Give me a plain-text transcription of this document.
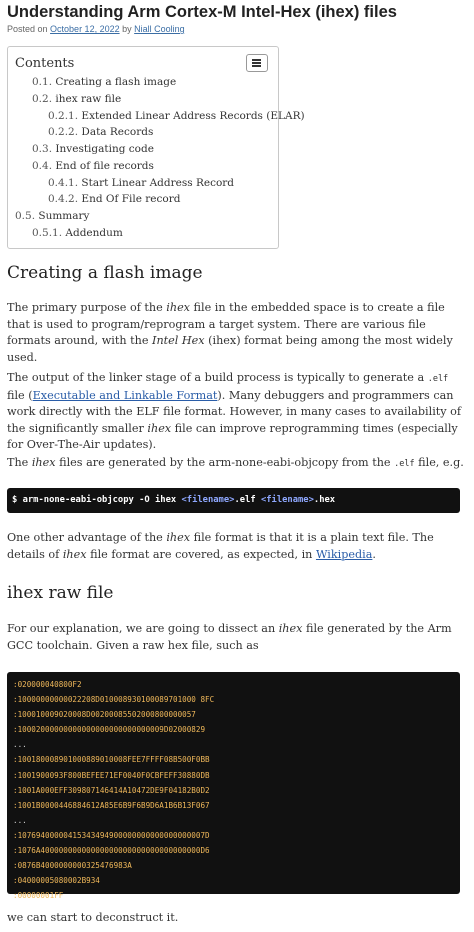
Understanding Arm Cortex-M Intel-Hex (ihex) files
Posted on October 12, 2022 by Niall Cooling
Contents
0.1. Creating a flash image
0.2. ihex raw file
0.2.1. Extended Linear Address Records (ELAR)
0.2.2. Data Records
0.3. Investigating code
0.4. End of file records
0.4.1. Start Linear Address Record
0.4.2. End Of File record
0.5. Summary
0.5.1. Addendum
Creating a flash image
The primary purpose of the ihex file in the embedded space is to create a file that is used to program/reprogram a target system. There are various file formats around, with the Intel Hex (ihex) format being among the most widely used.
The output of the linker stage of a build process is typically to generate a .elf file (Executable and Linkable Format). Many debuggers and programmers can work directly with the ELF file format. However, in many cases to availability of the significantly smaller ihex file can improve reprogramming times (especially for Over-The-Air updates).
The ihex files are generated by the arm-none-eabi-objcopy from the .elf file, e.g.
$ arm-none-eabi-objcopy -O ihex <filename>.elf <filename>.hex
One other advantage of the ihex file format is that it is a plain text file. The details of ihex file format are covered, as expected, in Wikipedia.
ihex raw file
For our explanation, we are going to dissect an ihex file generated by the Arm GCC toolchain. Given a raw hex file, such as
:020000040800F2
:10000000000022208D010008930100089701000 8FC
:100010009020008D00200085502000800000057
:10002000000000000000000000000009D02000829
...
:100180008901000889010008FEE7FFFF08B500F0BB
:1001900093F800BEFEE71EF0040F0CBFEFF30880DB
:1001A000EFF309807146414A10472DE9F04182B0D2
:1001B0000446884612A85E6B9F6B9D6A1B6B13F067
...
:10769400000415343494900000000000000000007D
:1076A40000000000000000000000000000000000D6
:0876B4000000000325476983A
:04000005080002B934
:00000001FF
we can start to deconstruct it.
